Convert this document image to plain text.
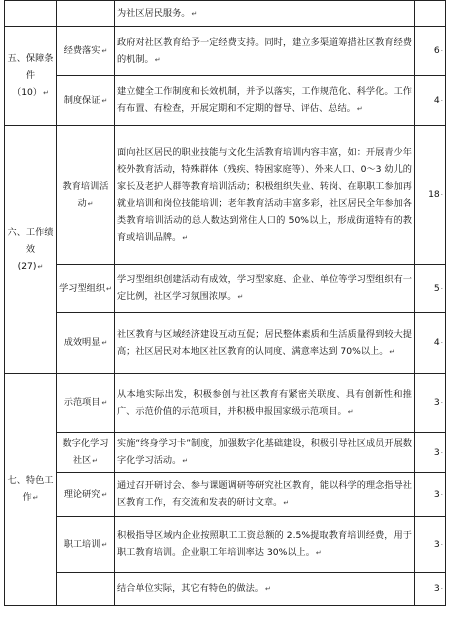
		为社区居民服务。↵	
五、保障条件
（10）↵	经费落实↵	政府对社区教育给予一定经费支持。同时，建立多渠道筹措社区教育经费的机制。↵	6·
	制度保证↵	建立健全工作制度和长效机制，并予以落实，工作规范化、科学化。工作有布置、有检查，开展定期和不定期的督导、评估、总结。↵	4·
六、工作绩效
(27)↵	教育培训活动↵	面向社区居民的职业技能与文化生活教育培训内容丰富，如：开展青少年校外教育活动，特殊群体（残疾、特困家庭等）、外来人口、0～3 幼儿的家长及老护人群等教育培训活动；积极组织失业、转岗、在职职工参加再就业培训和岗位技能培训；老年教育活动丰富多彩，社区居民全年参加各类教育培训活动的总人数达到常住人口的 50%以上，形成街道特有的教育或培训品牌。↵	18·
	学习型组织↵	学习型组织创建活动有成效，学习型家庭、企业、单位等学习型组织有一定比例，社区学习氛围浓厚。↵	5·
	成效明显↵	社区教育与区域经济建设互动互促；居民整体素质和生活质量得到较大提高；社区居民对本地区社区教育的认同度、满意率达到 70%以上。↵	4·
七、特色工作↵	示范项目↵	从本地实际出发，积极参创与社区教育有紧密关联度、具有创新性和推广、示范价值的示范项目，并积极申报国家级示范项目。↵	3·
	数字化学习社区↵	实施“终身学习卡”制度，加强数字化基础建设，积极引导社区成员开展数字化学习活动。↵	3·
	理论研究↵	通过召开研讨会、参与课题调研等研究社区教育，能以科学的理念指导社区教育工作，有交流和发表的研讨文章。↵	3·
	职工培训↵	积极指导区域内企业按照职工工资总额的 2.5%提取教育培训经费，用于职工教育培训。企业职工年培训率达 30%以上。↵	3·
		结合单位实际，其它有特色的做法。↵	3·
